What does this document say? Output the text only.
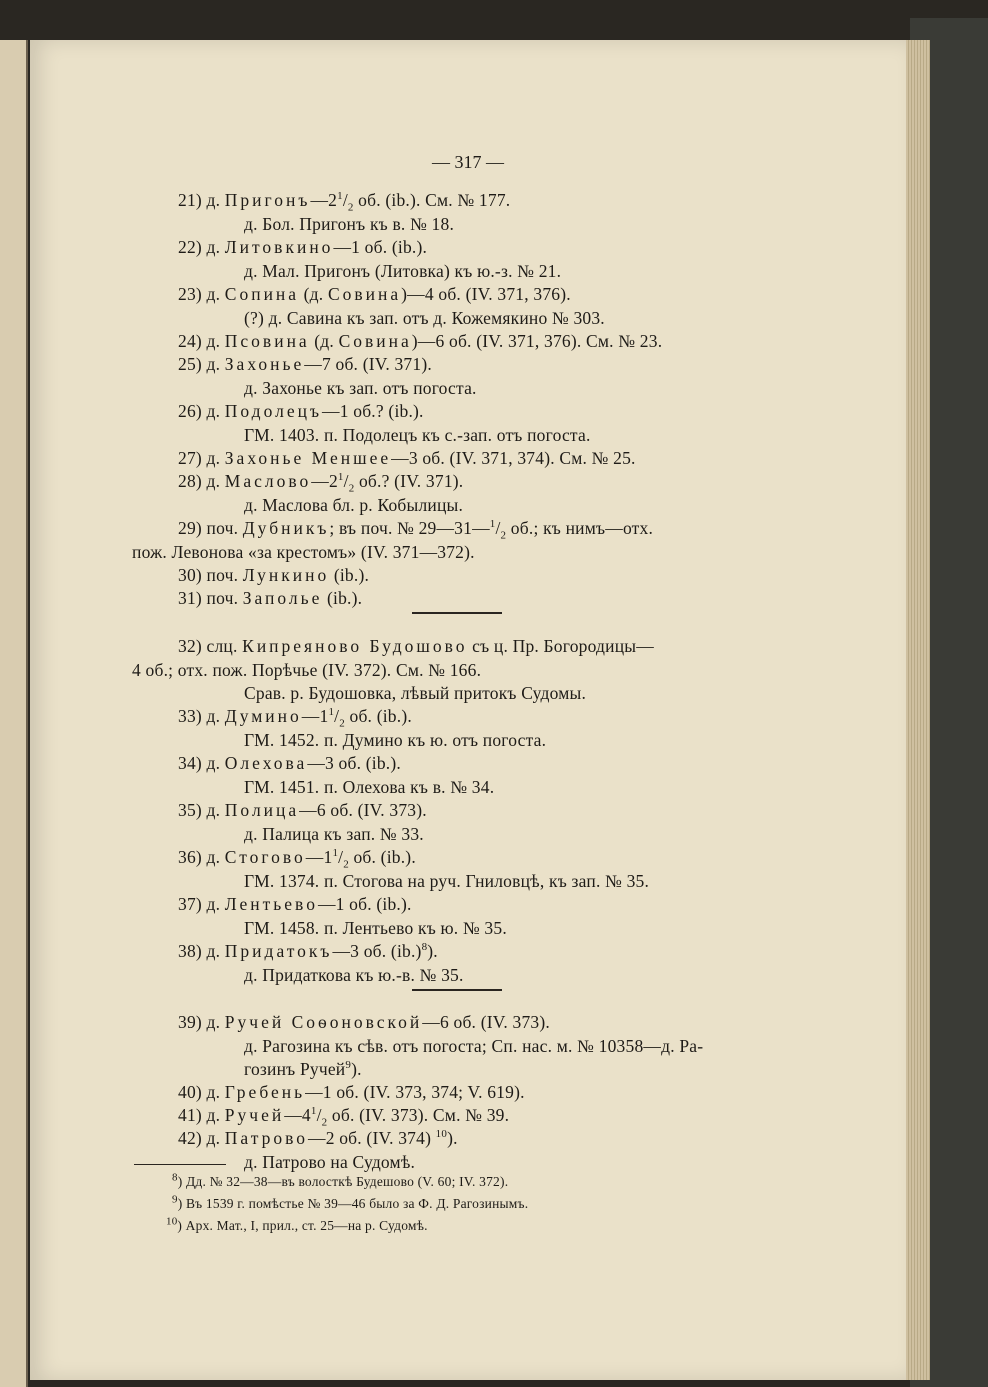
— 317 —
21) д. $Пригонъ—2^1/_2$ об. (ib.). См. № 177.
д. Бол. Пригонъ къ в. № 18.
22) д. Литовкино—1 об. (ib.).
д. Мал. Пригонъ (Литовка) къ ю.-з. № 21.
23) д. Сопина (д. Совина)—4 об. (IV. 371, 376).
(?) д. Савина къ зап. отъ д. Кожемякино № 303.
24) д. Псовина (д. Совина)—6 об. (IV. 371, 376). См. № 23.
25) д. Захонье—7 об. (IV. 371).
д. Захонье къ зап. отъ погоста.
26) д. Подолецъ—1 об.? (ib.).
ГМ. 1403. п. Подолецъ къ с.-зап. отъ погоста.
27) д. Захонье Меншее—3 об. (IV. 371, 374). См. № 25.
28) д. $Маслово—2^1/_2$ об.? (IV. 371).
д. Маслова бл. р. Кобылицы.
29) поч. Дубникъ; въ поч. № $29—31—^1/_2$ об.; къ нимъ—отх.
пож. Левонова «за крестомъ» (IV. 371—372).
30) поч. Лункино (ib.).
31) поч. Заполье (ib.).
32) слц. Кипреяново Будошово съ ц. Пр. Богородицы—
4 об.; отх. пож. Порѣчье (IV. 372). См. № 166.
Срав. р. Будошовка, лѣвый притокъ Судомы.
33) д. $Думино—1^1/_2$ об. (ib.).
ГМ. 1452. п. Думино къ ю. отъ погоста.
34) д. Олехова—3 об. (ib.).
ГМ. 1451. п. Олехова къ в. № 34.
35) д. Полица—6 об. (IV. 373).
д. Палица къ зап. № 33.
36) д. $Стогово—1^1/_2$ об. (ib.).
ГМ. 1374. п. Стогова на руч. Гниловцѣ, къ зап. № 35.
37) д. Лентьево—1 об. (ib.).
ГМ. 1458. п. Лентьево къ ю. № 35.
38) д. Придатокъ—3 об. $(ib.)^8$).
д. Придаткова къ ю.-в. № 35.
39) д. Ручей Соѳоновской—6 об. (IV. 373).
д. Рагозина къ сѣв. отъ погоста; Сп. нас. м. № 10358—д. Ра-
гозинъ Ручей$^9$).
40) д. Гребень—1 об. (IV. 373, 374; V. 619).
41) д. $Ручей—4^1/_2$ об. (IV. 373). См. № 39.
42) д. Патрово—2 об. (IV. 374) $^{10}$).
д. Патрово на Судомѣ.
$^8$) Дд. № 32—38—въ волосткѣ Будешово (V. 60; IV. 372).
$^9$) Въ 1539 г. помѣстье № 39—46 было за Ф. Д. Рагозинымъ.
$^{10}$) Арх. Мат., I, прил., ст. 25—на р. Судомѣ.
